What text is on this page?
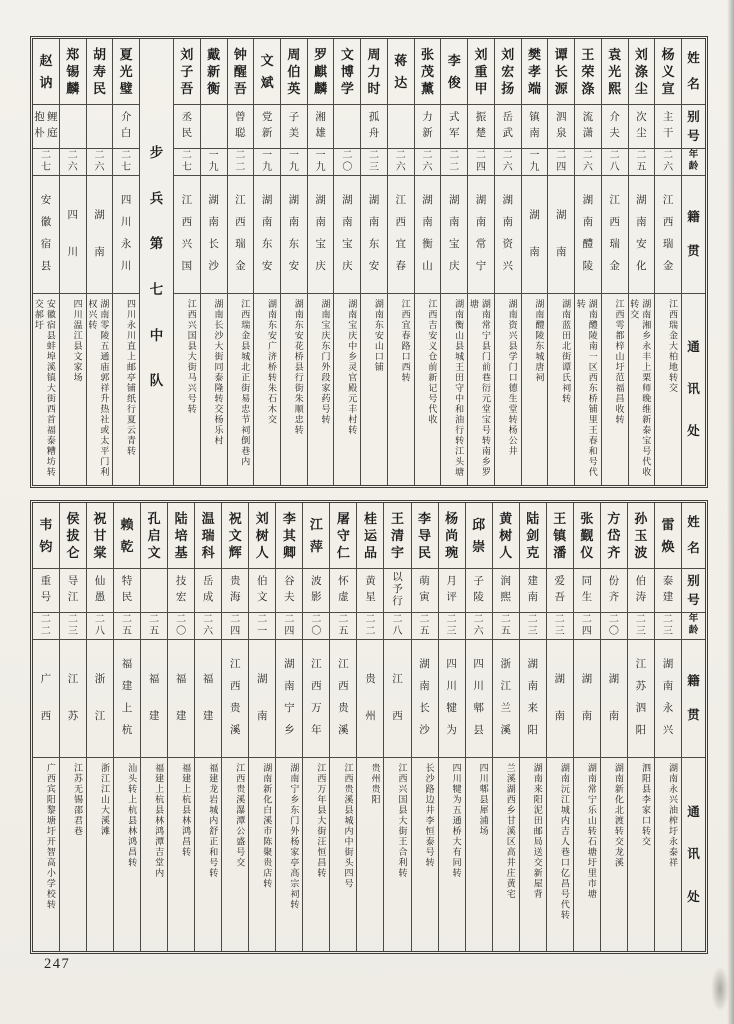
姓
名
别
号
年
龄
籍
贯
通
讯
处
杨
义
宣
主
干
二
六
江
西
瑞
金
江西瑞金大柏地转交
刘
涤
尘
次
尘
二
五
湖
南
安
化
湖南湘乡永丰上栗师晚维新泰宝号代收转交
袁
光
熙
介
夫
二
八
江
西
瑞
金
江西雩都梓山圩范福昌收转
王
荣
涤
流
潇
二
六
湖
南
醴
陵
湖南醴陵南一区西东桥铺里王春和号代转
谭
长
源
泗
泉
二
四
湖
南
湖南蓝田北街谭氏祠转
樊
孝
端
镇
南
一
九
湖
南
湖南醴陵东城唐祠
刘
宏
扬
岳
武
二
六
湖
南
资
兴
湖南资兴县学门口德生堂转杨公井
刘
重
甲
振
楚
二
四
湖
南
常
宁
湖南常宁县门前巷衍元堂宝号转南乡罗塘
李
俊
式
军
二
二
湖
南
宝
庆
湖南衡山县城王田守中和油行转江头塘
张
茂
薰
力
新
二
六
湖
南
衡
山
江西吉安义仓前新记号代收
蒋
达
二
六
江
西
宜
春
江西宜春路口西转
周
力
时
孤
舟
二
三
湖
南
东
安
湖南东安山口铺
文
博
学
二
〇
湖
南
宝
庆
湖南宝庆中乡灵官殿元丰村转
罗
麒
麟
湘
雄
一
九
湖
南
宝
庆
湖南宝庆东门外段家药号转
周
伯
英
子
美
一
九
湖
南
东
安
湖南东安花桥县行街朱顺忠转
文
斌
党
新
一
九
湖
南
东
安
湖南东安广济桥转朱石木交
钟
醒
吾
曾
聪
二
二
江
西
瑞
金
江西瑞金县城北正街易忠节祠倒巷内
戴
新
衡
一
九
湖
南
长
沙
湖南长沙大街同泰隆转交杨乐村
刘
子
吾
丞
民
二
七
江
西
兴
国
江西兴国县大街马兴号转
步
兵
第
七
中
队
夏
光
璧
介
白
二
七
四
川
永
川
四川永川直上邮亭铺纸行夏云青转
胡
寿
民
二
六
湖
南
湖南零陵五通庙郭祥升热社或太平门利权兴转
郑
锡
麟
二
六
四
川
四川温江县文家场
赵
讷
鲤
庭
抱
朴
二
七
安
徽
宿
县
安徽宿县蚌埠溪镇大街西首福泰糟坊转交郝圩
姓
名
别
号
年
龄
籍
贯
通
讯
处
雷
焕
泰
建
二
三
湖
南
永
兴
湖南永兴油榨圩永泰祥
孙
玉
波
伯
涛
二
三
江
苏
泗
阳
泗阳县李家口转交
方
岱
齐
份
齐
二
〇
湖
南
湖南新化北渡转交龙溪
张
觐
仪
同
生
二
四
湖
南
湖南常宁乐山转石塘圩里市塘
王
镇
潘
爱
吾
二
三
湖
南
湖南沅江城内吉人巷口亿昌号代转
陆
剑
克
建
南
二
三
湖
南
来
阳
湖南来阳泥田邮局送交新屋背
黄
树
人
润
熙
二
五
浙
江
兰
溪
兰溪湖西乡甘溪区高井庄黄宅
邱
崇
子
陵
二
六
四
川
郫
县
四川郫县犀浦场
杨
尚
琬
月
评
二
三
四
川
犍
为
四川犍为五通桥大有同转
李
导
民
萌
寅
二
五
湖
南
长
沙
长沙路边井李恒泰号转
王
清
宇
以
予
行
二
八
江
西
江西兴国县大街王合利转
桂
运
品
黄
星
二
二
贵
州
贵州贵阳
屠
守
仁
怀
虚
二
五
江
西
贵
溪
江西贵溪县城内中街头四号
江
萍
波
影
二
〇
江
西
万
年
江西万年县大街汪恒昌转
李
其
卿
谷
夫
二
四
湖
南
宁
乡
湖南宁乡东门外杨家亭高宗祠转
刘
树
人
伯
文
二
一
湖
南
湖南新化白溪市陈聚贵店转
祝
文
辉
贵
海
二
四
江
西
贵
溪
江西贵溪瀑潭公盛号交
温
瑞
科
岳
成
二
六
福
建
福建龙岩城内舒正和号转
陆
培
基
技
宏
二
〇
福
建
福建上杭县林鸿昌转
孔
启
文
二
五
福
建
福建上杭县林鸿潭吉堂内
赖
乾
特
民
二
五
福
建
上
杭
汕头转上杭县林鸿昌转
祝
甘
棠
仙
愚
二
八
浙
江
浙江江山大溪滩
侯
拔
仑
导
江
二
三
江
苏
江苏无锡邵君巷
韦
钧
重
号
二
二
广
西
广西宾阳黎塘圩开智高小学校转
247
